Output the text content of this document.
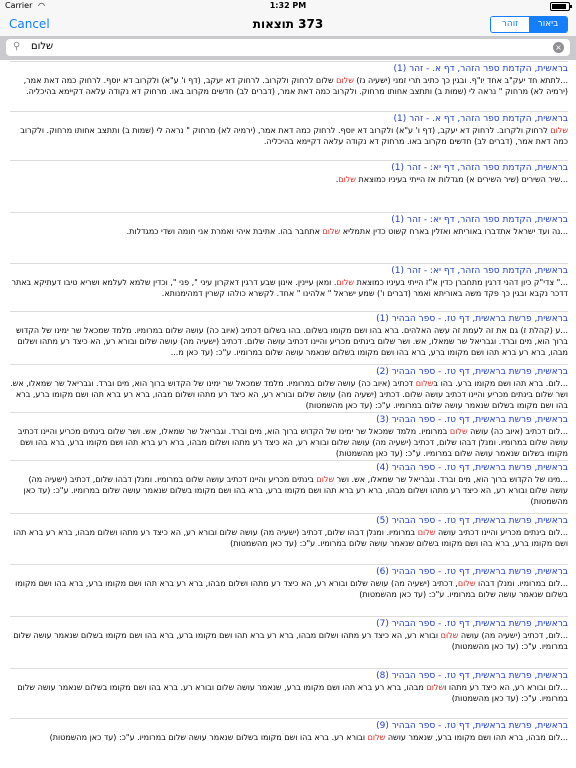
Carrier ◠	1:32 PM
Cancel	373 תוצאות	זוהר	ביאור
⚲ שלום	×
בראשית, הקדמת ספר הזהר, דף א. - זהר (1)
...לתתא חד יעק"ב אחד יו"ף. ובגין כך כתיב תרי זמני (ישעיה נז) שלום שלום לרחוק ולקרוב. לרחוק דא יעקב, (דף ו' ע"א) ולקרוב דא יוסף. לרחוק כמה דאת אמר, (ירמיה לא) מרחוק " נראה לי (שמות ב) ותתצב אחותו מרחוק. ולקרוב כמה דאת אמר, (דברים לב) חדשים מקרוב באו. מרחוק דא נקודה עלאה דקיימא בהיכליה.
בראשית, הקדמת ספר הזהר, דף א. - זהר (1)
שלום לרחוק ולקרוב. לרחוק דא יעקב, (דף ו' ע"א) ולקרוב דא יוסף. לרחוק כמה דאת אמר, (ירמיה לא) מרחוק " נראה לי (שמות ב) ותתצב אחותו מרחוק. ולקרוב כמה דאת אמר, (דברים לב) חדשים מקרוב באו. מרחוק דא נקודה עלאה דקיימא בהיכליה.
בראשית, הקדמת ספר הזהר, דף יא: - זהר (1)
...שיר השירים (שיר השירים א) מגדלות אז הייתי בעיניו כמוצאת שלום.
בראשית, הקדמת ספר הזהר, דף יא: - זהר (1)
...נה ועד ישראל אתדברו באוריתא ואזלין בארח קשוט כדין אתמליא שלום אתחבר בהו. אתיבת איהי ואמרת אני חומה ושדי כמגדלות.
בראשית, הקדמת ספר הזהר, דף יא: - זהר (1)
..." צדי"ק כיון דהני דרגין מתחברן כדין א"ז הייתי בעיניו כמוצאת שלום. ומאן עיינין. אינון שבע דרגין דאקרון עיני ", פני ", וכדין שלמא לעלמא ושריא טיבו דעתיקא באתר דדכר נקבא ובגין כך פקד משה באוריתא ואמר (דברים ו') שמע ישראל " אלהינו " אחד. לקשרא כולהו קשרין דמהימנותא.
בראשית, פרשת בראשית, דף טז. - ספר הבהיר (1)
...ע (קהלת ז) גם את זה לעמת זה עשה האלהים. ברא בהו ושם מקומו בשלום. בהו בשלום דכתיב (איוב כה) עושה שלום במרומיו. מלמד שמכאל שר ימינו של הקדוש ברוך הוא, מים וברד. וגבריאל שר שמאלו, אש. ושר שלום בינתים מכריע והיינו דכתיב עושה שלום. דכתיב (ישעיה מה) עושה שלום ובורא רע, הא כיצד רע מתהו ושלום מבהו, ברא רע ברא תהו ושם מקומו ברע, ברא בהו ושם מקומו בשלום שנאמר עושה שלום במרומיו. ע"כ: (עד כאן מ...
בראשית, פרשת בראשית, דף טז. - ספר הבהיר (2)
...לום. ברא תהו ושם מקומו ברע. בהו בשלום דכתיב (איוב כה) עושה שלום במרומיו. מלמד שמכאל שר ימינו של הקדוש ברוך הוא, מים וברד. וגבריאל שר שמאלו, אש. ושר שלום בינתים מכריע והיינו דכתיב עושה שלום. דכתיב (ישעיה מה) עושה שלום ובורא רע, הא כיצד רע מתהו ושלום מבהו, ברא רע ברא תהו ושם מקומו ברע, ברא בהו ושם מקומו בשלום שנאמר עושה שלום במרומיו. ע"כ: (עד כאן מהשמטות)
בראשית, פרשת בראשית, דף טז. - ספר הבהיר (3)
...לום דכתיב (איוב כה) עושה שלום במרומיו. מלמד שמכאל שר ימינו של הקדוש ברוך הוא, מים וברד. וגבריאל שר שמאלו, אש. ושר שלום בינתים מכריע והיינו דכתיב עושה שלום במרומיו. ומנלן דבהו שלום, דכתיב (ישעיה מה) עושה שלום ובורא רע, הא כיצד רע מתהו ושלום מבהו, ברא רע ברא תהו ושם מקומו ברע, ברא בהו ושם מקומו בשלום שנאמר עושה שלום במרומיו. ע"כ: (עד כאן מהשמטות)
בראשית, פרשת בראשית, דף טז. - ספר הבהיר (4)
...מינו של הקדוש ברוך הוא, מים וברד. וגבריאל שר שמאלו, אש. ושר שלום בינתים מכריע והיינו דכתיב עושה שלום במרומיו. ומנלן דבהו שלום, דכתיב (ישעיה מה) עושה שלום ובורא רע, הא כיצד רע מתהו ושלום מבהו, ברא רע ברא תהו ושם מקומו ברע, ברא בהו ושם מקומו בשלום שנאמר עושה שלום במרומיו. ע"כ: (עד כאן מהשמטות)
בראשית, פרשת בראשית, דף טז. - ספר הבהיר (5)
...לום בינתים מכריע והיינו דכתיב עושה שלום במרומיו. ומנלן דבהו שלום, דכתיב (ישעיה מה) עושה שלום ובורא רע, הא כיצד רע מתהו ושלום מבהו, ברא רע ברא תהו ושם מקומו ברע, ברא בהו ושם מקומו בשלום שנאמר עושה שלום במרומיו. ע"כ: (עד כאן מהשמטות)
בראשית, פרשת בראשית, דף טז. - ספר הבהיר (6)
...לום במרומיו. ומנלן דבהו שלום, דכתיב (ישעיה מה) עושה שלום ובורא רע, הא כיצד רע מתהו ושלום מבהו, ברא רע ברא תהו ושם מקומו ברע, ברא בהו ושם מקומו בשלום שנאמר עושה שלום במרומיו. ע"כ: (עד כאן מהשמטות)
בראשית, פרשת בראשית, דף טז. - ספר הבהיר (7)
...לום, דכתיב (ישעיה מה) עושה שלום ובורא רע, הא כיצד רע מתהו ושלום מבהו, ברא רע ברא תהו ושם מקומו ברע, ברא בהו ושם מקומו בשלום שנאמר עושה שלום במרומיו. ע"כ: (עד כאן מהשמטות)
בראשית, פרשת בראשית, דף טז. - ספר הבהיר (8)
...לום ובורא רע, הא כיצד רע מתהו ושלום מבהו, ברא רע ברא תהו ושם מקומו ברע, שנאמר עושה שלום ובורא רע. ברא בהו ושם מקומו בשלום שנאמר עושה שלום במרומיו. ע"כ: (עד כאן מהשמטות)
בראשית, פרשת בראשית, דף טז. - ספר הבהיר (9)
...לום מבהו, ברא תהו ושם מקומו ברע, שנאמר עושה שלום ובורא רע. ברא בהו ושם מקומו בשלום שנאמר עושה שלום במרומיו. ע"כ: (עד כאן מהשמטות)
